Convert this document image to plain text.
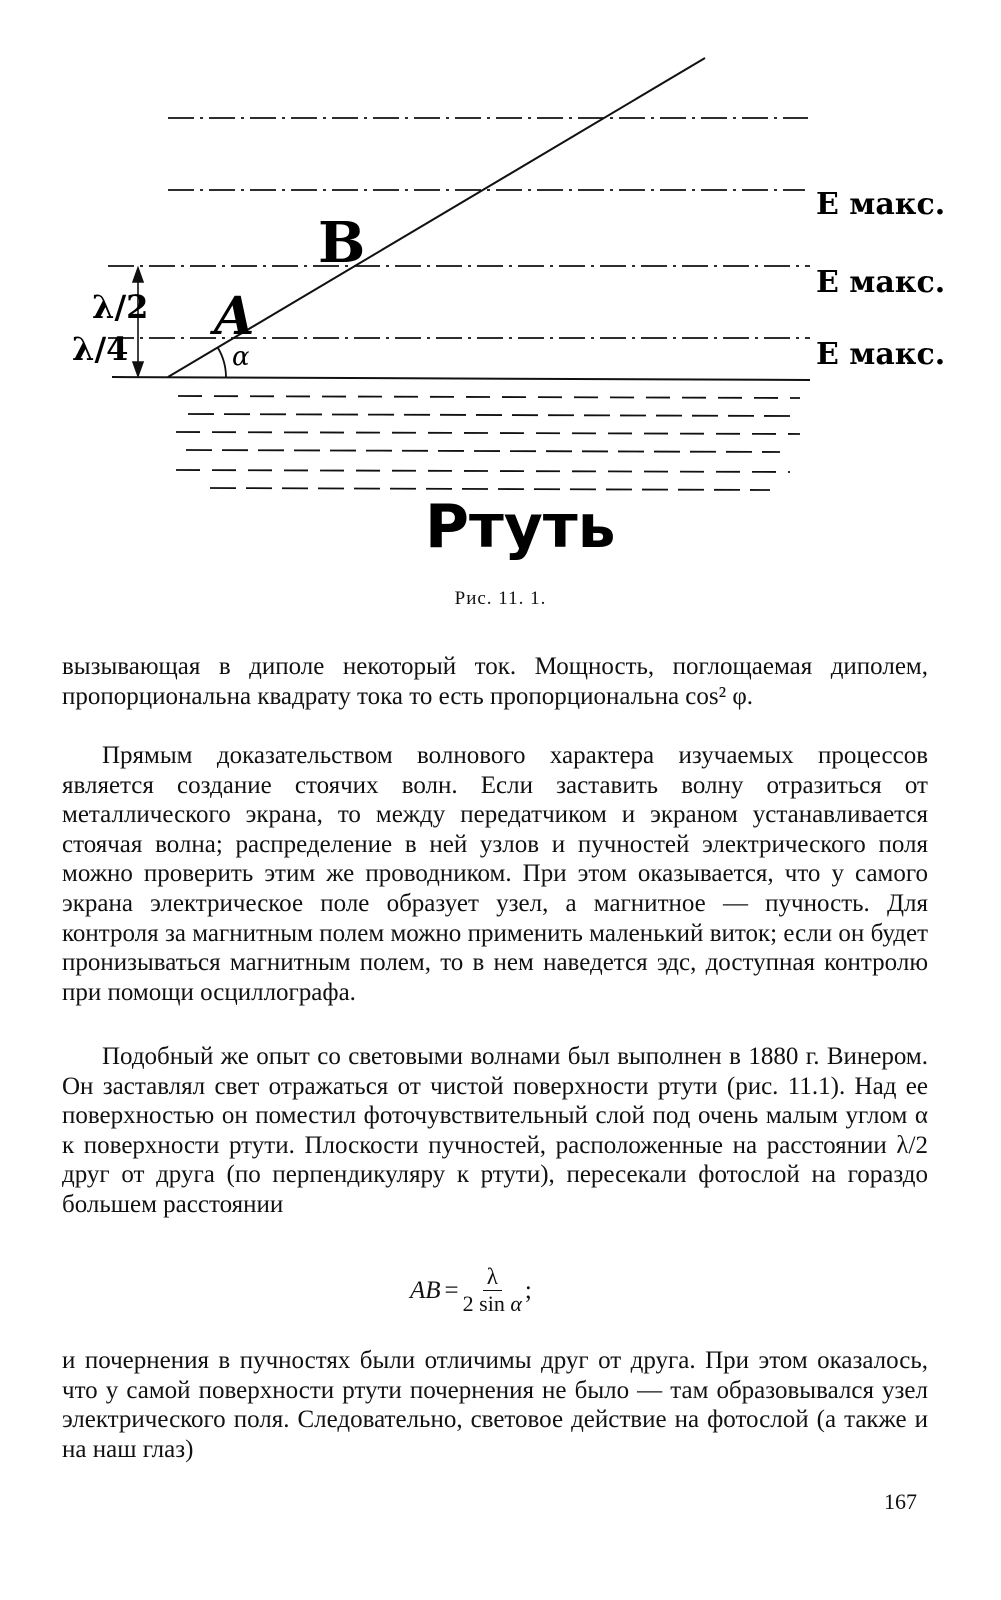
B
A
α
λ/2
λ/4
E макс.
E макс.
E макс.
Ртуть
Рис. 11. 1.

вызывающая в диполе некоторый ток. Мощность, поглощаемая диполем, пропорциональна квадрату тока то есть пропорциональна cos² φ.

Прямым доказательством волнового характера изучаемых процессов является создание стоячих волн. Если заставить волну отразиться от металлического экрана, то между передатчиком и экраном устанавливается стоячая волна; распределение в ней узлов и пучностей электрического поля можно проверить этим же проводником. При этом оказывается, что у самого экрана электрическое поле образует узел, а магнитное — пучность. Для контроля за магнитным полем можно применить маленький виток; если он будет пронизываться магнитным полем, то в нем наведется эдс, доступная контролю при помощи осциллографа.

Подобный же опыт со световыми волнами был выполнен в 1880 г. Винером. Он заставлял свет отражаться от чистой поверхности ртути (рис. 11.1). Над ее поверхностью он поместил фоточувствительный слой под очень малым углом α к поверхности ртути. Плоскости пучностей, расположенные на расстоянии λ/2 друг от друга (по перпендикуляру к ртути), пересекали фотослой на гораздо большем расстоянии

AB = $\frac{\lambda}{\text{2 sin α}}$ ;

и почернения в пучностях были отличимы друг от друга. При этом оказалось, что у самой поверхности ртути почернения не было — там образовывался узел электрического поля. Следовательно, световое действие на фотослой (а также и на наш глаз)

167
